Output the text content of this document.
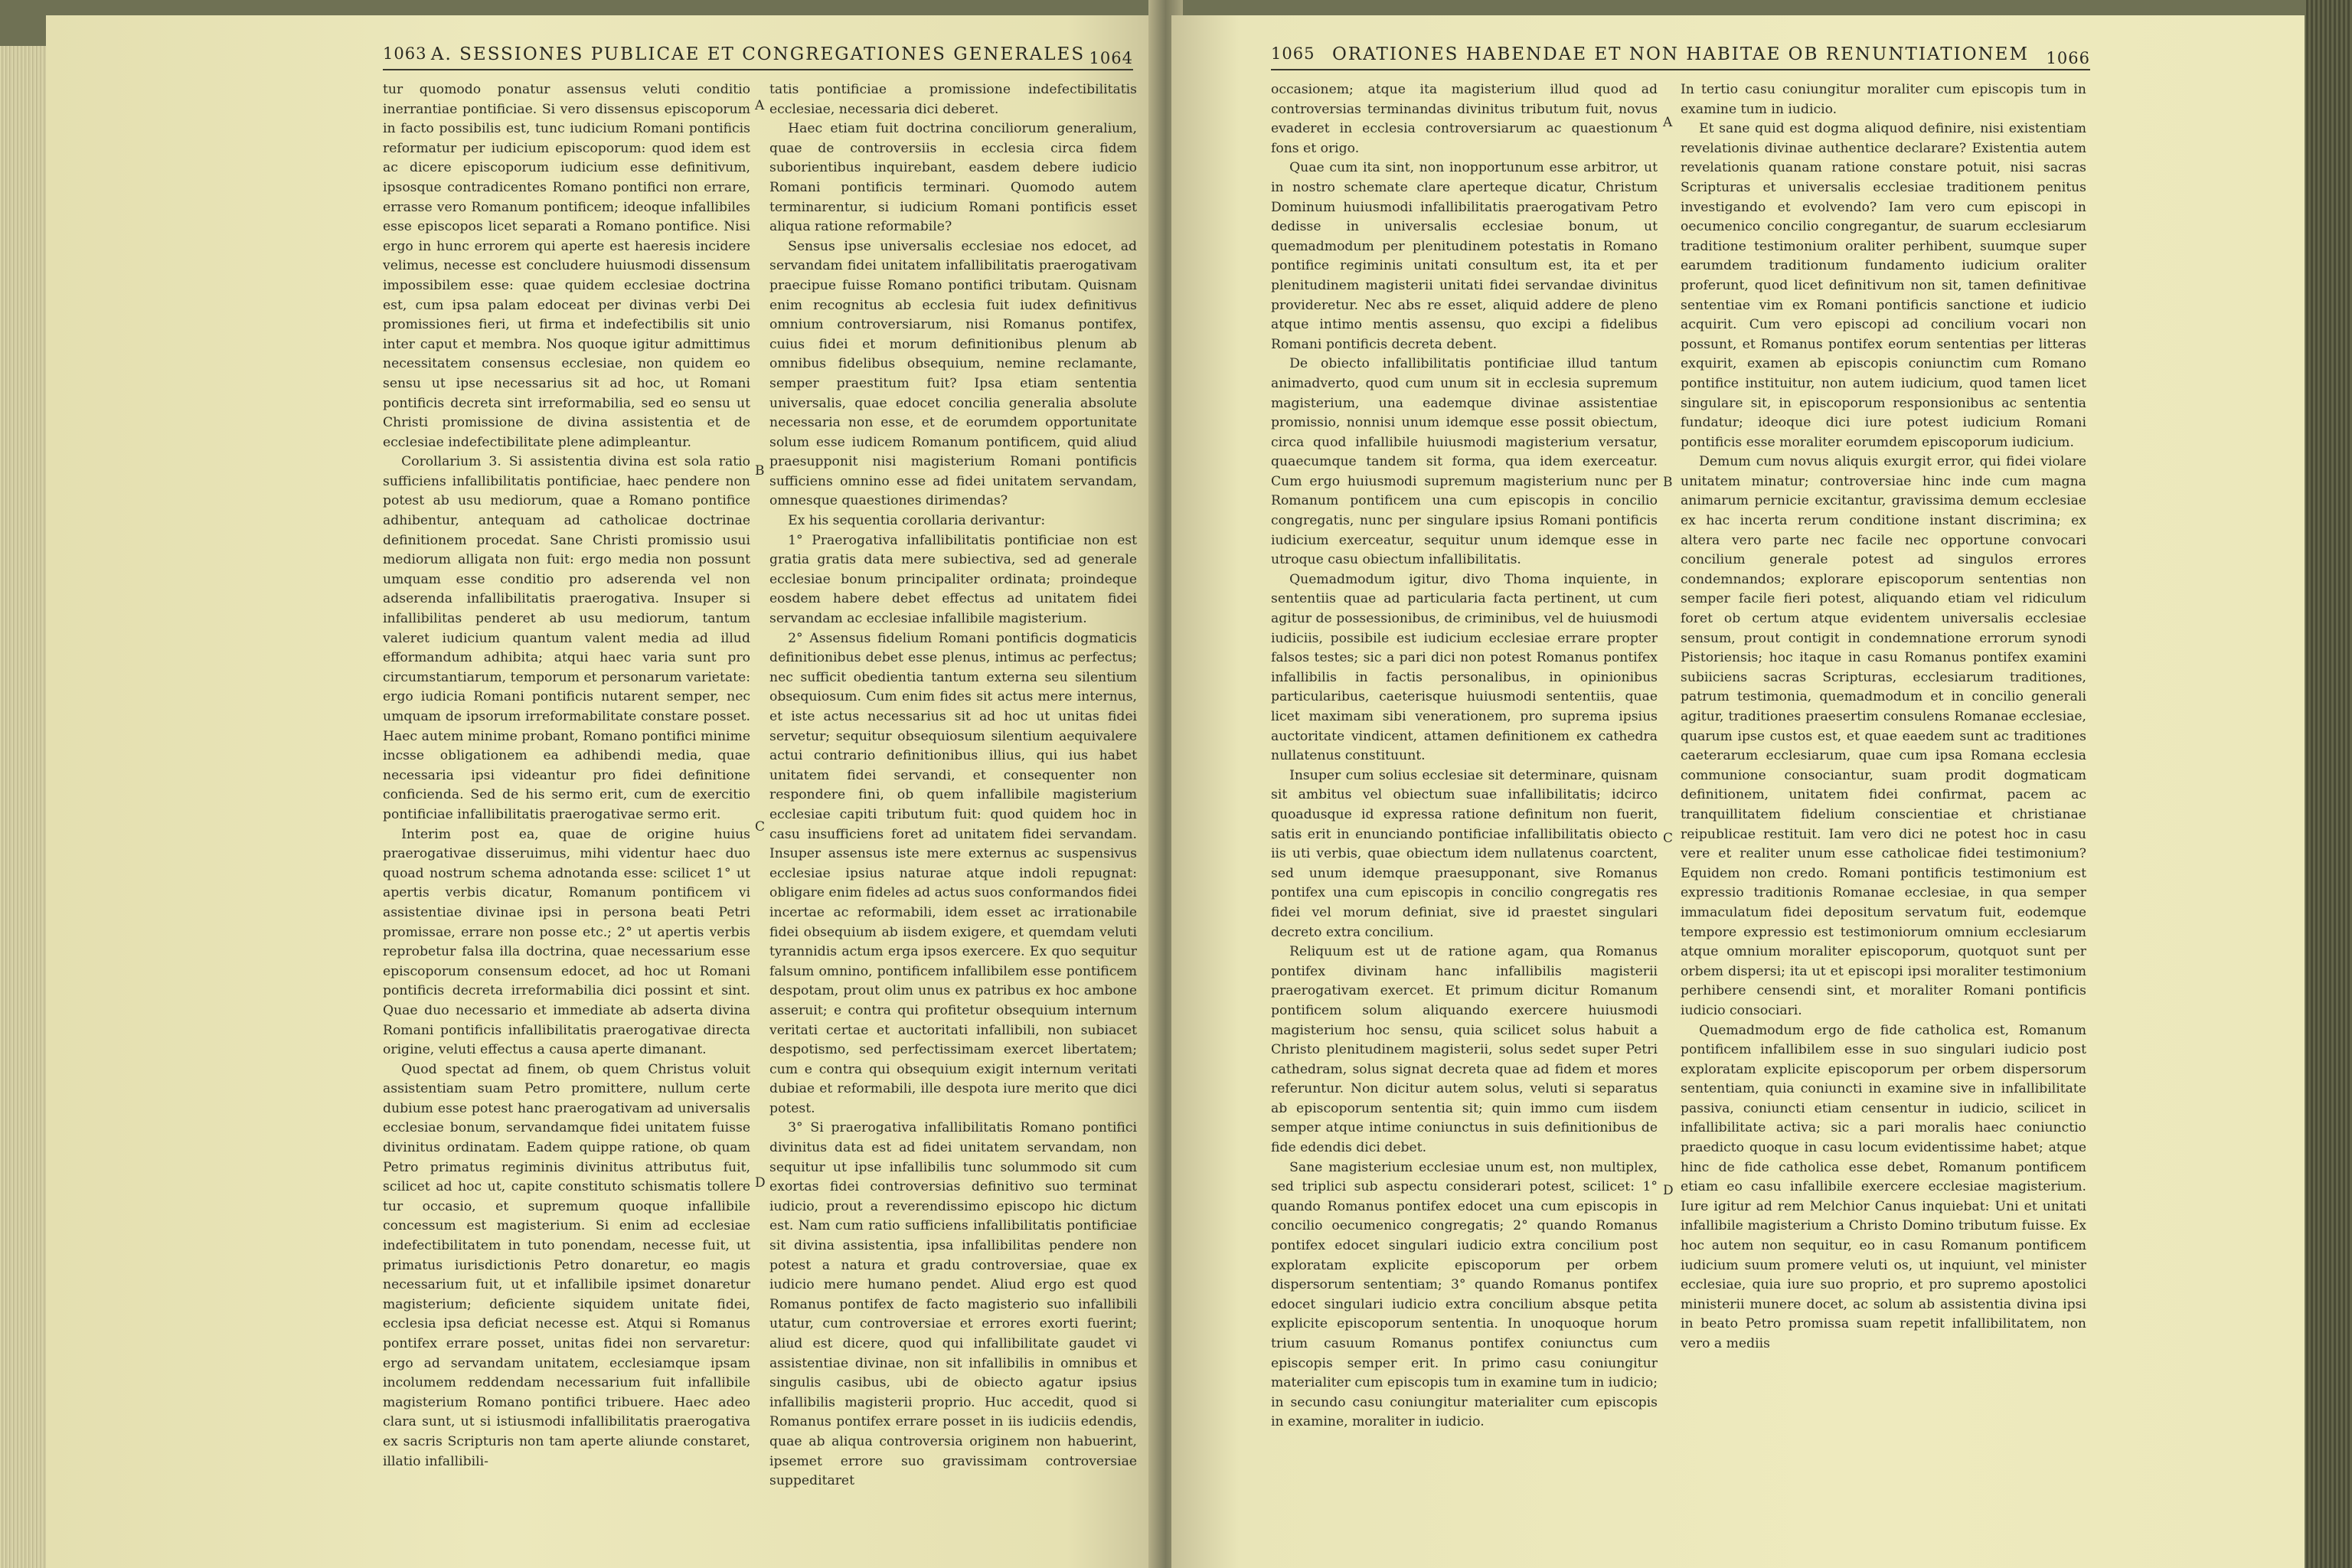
1063 A. SESSIONES PUBLICAE ET CONGREGATIONES GENERALES 1064

tur quomodo ponatur assensus veluti conditio inerrantiae pontificiae. Si vero dissensus episcoporum in facto possibilis est, tunc iudicium Romani pontificis reformatur per iudicium episcoporum: quod idem est ac dicere episcoporum iudicium esse definitivum, ipsosque contradicentes Romano pontifici non errare, errasse vero Romanum pontificem; ideoque infallibiles esse episcopos licet separati a Romano pontifice. Nisi ergo in hunc errorem qui aperte est haeresis incidere velimus, necesse est concludere huiusmodi dissensum impossibilem esse: quae quidem ecclesiae doctrina est, cum ipsa palam edoceat per divinas verbi Dei promissiones fieri, ut firma et indefectibilis sit unio inter caput et membra. Nos quoque igitur admittimus necessitatem consensus ecclesiae, non quidem eo sensu ut ipse necessarius sit ad hoc, ut Romani pontificis decreta sint irreformabilia, sed eo sensu ut Christi promissione de divina assistentia et de ecclesiae indefectibilitate plene adimpleantur.

Corollarium 3. Si assistentia divina est sola ratio sufficiens infallibilitatis pontificiae, haec pendere non potest ab usu mediorum, quae a Romano pontifice adhibentur, antequam ad catholicae doctrinae definitionem procedat. Sane Christi promissio usui mediorum alligata non fuit: ergo media non possunt umquam esse conditio pro adserenda vel non adserenda infallibilitatis praerogativa. Insuper si infallibilitas penderet ab usu mediorum, tantum valeret iudicium quantum valent media ad illud efformandum adhibita; atqui haec varia sunt pro circumstantiarum, temporum et personarum varietate: ergo iudicia Romani pontificis nutarent semper, nec umquam de ipsorum irreformabilitate constare posset. Haec autem minime probant, Romano pontifici minime incsse obligationem ea adhibendi media, quae necessaria ipsi videantur pro fidei definitione conficienda. Sed de his sermo erit, cum de exercitio pontificiae infallibilitatis praerogativae sermo erit.

Interim post ea, quae de origine huius praerogativae disseruimus, mihi videntur haec duo quoad nostrum schema adnotanda esse: scilicet 1° ut apertis verbis dicatur, Romanum pontificem vi assistentiae divinae ipsi in persona beati Petri promissae, errare non posse etc.; 2° ut apertis verbis reprobetur falsa illa doctrina, quae necessarium esse episcoporum consensum edocet, ad hoc ut Romani pontificis decreta irreformabilia dici possint et sint. Quae duo necessario et immediate ab adserta divina Romani pontificis infallibilitatis praerogativae directa origine, veluti effectus a causa aperte dimanant.

Quod spectat ad finem, ob quem Christus voluit assistentiam suam Petro promittere, nullum certe dubium esse potest hanc praerogativam ad universalis ecclesiae bonum, servandamque fidei unitatem fuisse divinitus ordinatam. Eadem quippe ratione, ob quam Petro primatus regiminis divinitus attributus fuit, scilicet ad hoc ut, capite constituto schismatis tollere tur occasio, et supremum quoque infallibile concessum est magisterium. Si enim ad ecclesiae indefectibilitatem in tuto ponendam, necesse fuit, ut primatus iurisdictionis Petro donaretur, eo magis necessarium fuit, ut et infallibile ipsimet donaretur magisterium; deficiente siquidem unitate fidei, ecclesia ipsa deficiat necesse est. Atqui si Romanus pontifex errare posset, unitas fidei non servaretur: ergo ad servandam unitatem, ecclesiamque ipsam incolumem reddendam necessarium fuit infallibile magisterium Romano pontifici tribuere. Haec adeo clara sunt, ut si istiusmodi infallibilitatis praerogativa ex sacris Scripturis non tam aperte aliunde constaret, illatio infallibili-

A
B
C
D

tatis pontificiae a promissione indefectibilitatis ecclesiae, necessaria dici deberet.

Haec etiam fuit doctrina conciliorum generalium, quae de controversiis in ecclesia circa fidem suborientibus inquirebant, easdem debere iudicio Romani pontificis terminari. Quomodo autem terminarentur, si iudicium Romani pontificis esset aliqua ratione reformabile?

Sensus ipse universalis ecclesiae nos edocet, ad servandam fidei unitatem infallibilitatis praerogativam praecipue fuisse Romano pontifici tributam. Quisnam enim recognitus ab ecclesia fuit iudex definitivus omnium controversiarum, nisi Romanus pontifex, cuius fidei et morum definitionibus plenum ab omnibus fidelibus obsequium, nemine reclamante, semper praestitum fuit? Ipsa etiam sententia universalis, quae edocet concilia generalia absolute necessaria non esse, et de eorumdem opportunitate solum esse iudicem Romanum pontificem, quid aliud praesupponit nisi magisterium Romani pontificis sufficiens omnino esse ad fidei unitatem servandam, omnesque quaestiones dirimendas?

Ex his sequentia corollaria derivantur:

1° Praerogativa infallibilitatis pontificiae non est gratia gratis data mere subiectiva, sed ad generale ecclesiae bonum principaliter ordinata; proindeque eosdem habere debet effectus ad unitatem fidei servandam ac ecclesiae infallibile magisterium.

2° Assensus fidelium Romani pontificis dogmaticis definitionibus debet esse plenus, intimus ac perfectus; nec sufficit obedientia tantum externa seu silentium obsequiosum. Cum enim fides sit actus mere internus, et iste actus necessarius sit ad hoc ut unitas fidei servetur; sequitur obsequiosum silentium aequivalere actui contrario definitionibus illius, qui ius habet unitatem fidei servandi, et consequenter non respondere fini, ob quem infallibile magisterium ecclesiae capiti tributum fuit: quod quidem hoc in casu insufficiens foret ad unitatem fidei servandam. Insuper assensus iste mere externus ac suspensivus ecclesiae ipsius naturae atque indoli repugnat: obligare enim fideles ad actus suos conformandos fidei incertae ac reformabili, idem esset ac irrationabile fidei obsequium ab iisdem exigere, et quemdam veluti tyrannidis actum erga ipsos exercere. Ex quo sequitur falsum omnino, pontificem infallibilem esse pontificem despotam, prout olim unus ex patribus ex hoc ambone asseruit; e contra qui profitetur obsequium internum veritati certae et auctoritati infallibili, non subiacet despotismo, sed perfectissimam exercet libertatem; cum e contra qui obsequium exigit internum veritati dubiae et reformabili, ille despota iure merito que dici potest.

3° Si praerogativa infallibilitatis Romano pontifici divinitus data est ad fidei unitatem servandam, non sequitur ut ipse infallibilis tunc solummodo sit cum exortas fidei controversias definitivo suo terminat iudicio, prout a reverendissimo episcopo hic dictum est. Nam cum ratio sufficiens infallibilitatis pontificiae sit divina assistentia, ipsa infallibilitas pendere non potest a natura et gradu controversiae, quae ex iudicio mere humano pendet. Aliud ergo est quod Romanus pontifex de facto magisterio suo infallibili utatur, cum controversiae et errores exorti fuerint; aliud est dicere, quod qui infallibilitate gaudet vi assistentiae divinae, non sit infallibilis in omnibus et singulis casibus, ubi de obiecto agatur ipsius infallibilis magisterii proprio. Huc accedit, quod si Romanus pontifex errare posset in iis iudiciis edendis, quae ab aliqua controversia originem non habuerint, ipsemet errore suo gravissimam controversiae suppeditaret

1065 ORATIONES HABENDAE ET NON HABITAE OB RENUNTIATIONEM	1066

occasionem; atque ita magisterium illud quod ad controversias terminandas divinitus tributum fuit, novus evaderet in ecclesia controversiarum ac quaestionum fons et origo.

Quae cum ita sint, non inopportunum esse arbitror, ut in nostro schemate clare aperteque dicatur, Christum Dominum huiusmodi infallibilitatis praerogativam Petro dedisse in universalis ecclesiae bonum, ut quemadmodum per plenitudinem potestatis in Romano pontifice regiminis unitati consultum est, ita et per plenitudinem magisterii unitati fidei servandae divinitus provideretur. Nec abs re esset, aliquid addere de pleno atque intimo mentis assensu, quo excipi a fidelibus Romani pontificis decreta debent.

De obiecto infallibilitatis pontificiae illud tantum animadverto, quod cum unum sit in ecclesia supremum magisterium, una eademque divinae assistentiae promissio, nonnisi unum idemque esse possit obiectum, circa quod infallibile huiusmodi magisterium versatur, quaecumque tandem sit forma, qua idem exerceatur. Cum ergo huiusmodi supremum magisterium nunc per Romanum pontificem una cum episcopis in concilio congregatis, nunc per singulare ipsius Romani pontificis iudicium exerceatur, sequitur unum idemque esse in utroque casu obiectum infallibilitatis.

Quemadmodum igitur, divo Thoma inquiente, in sententiis quae ad particularia facta pertinent, ut cum agitur de possessionibus, de criminibus, vel de huiusmodi iudiciis, possibile est iudicium ecclesiae errare propter falsos testes; sic a pari dici non potest Romanus pontifex infallibilis in factis personalibus, in opinionibus particularibus, caeterisque huiusmodi sententiis, quae licet maximam sibi venerationem, pro suprema ipsius auctoritate vindicent, attamen definitionem ex cathedra nullatenus constituunt.

Insuper cum solius ecclesiae sit determinare, quisnam sit ambitus vel obiectum suae infallibilitatis; idcirco quoadusque id expressa ratione definitum non fuerit, satis erit in enunciando pontificiae infallibilitatis obiecto iis uti verbis, quae obiectum idem nullatenus coarctent, sed unum idemque praesupponant, sive Romanus pontifex una cum episcopis in concilio congregatis res fidei vel morum definiat, sive id praestet singulari decreto extra concilium.

Reliquum est ut de ratione agam, qua Romanus pontifex divinam hanc infallibilis magisterii praerogativam exercet. Et primum dicitur Romanum pontificem solum aliquando exercere huiusmodi magisterium hoc sensu, quia scilicet solus habuit a Christo plenitudinem magisterii, solus sedet super Petri cathedram, solus signat decreta quae ad fidem et mores referuntur. Non dicitur autem solus, veluti si separatus ab episcoporum sententia sit; quin immo cum iisdem semper atque intime coniunctus in suis definitionibus de fide edendis dici debet.

Sane magisterium ecclesiae unum est, non multiplex, sed triplici sub aspectu considerari potest, scilicet: 1° quando Romanus pontifex edocet una cum episcopis in concilio oecumenico congregatis; 2° quando Romanus pontifex edocet singulari iudicio extra concilium post exploratam explicite episcoporum per orbem dispersorum sententiam; 3° quando Romanus pontifex edocet singulari iudicio extra concilium absque petita explicite episcoporum sententia. In unoquoque horum trium casuum Romanus pontifex coniunctus cum episcopis semper erit. In primo casu coniungitur materialiter cum episcopis tum in examine tum in iudicio; in secundo casu coniungitur materialiter cum episcopis in examine, moraliter in iudicio.

A
B
C
D

In tertio casu coniungitur moraliter cum episcopis tum in examine tum in iudicio.

Et sane quid est dogma aliquod definire, nisi existentiam revelationis divinae authentice declarare? Existentia autem revelationis quanam ratione constare potuit, nisi sacras Scripturas et universalis ecclesiae traditionem penitus investigando et evolvendo? Iam vero cum episcopi in oecumenico concilio congregantur, de suarum ecclesiarum traditione testimonium oraliter perhibent, suumque super earumdem traditionum fundamento iudicium oraliter proferunt, quod licet definitivum non sit, tamen definitivae sententiae vim ex Romani pontificis sanctione et iudicio acquirit. Cum vero episcopi ad concilium vocari non possunt, et Romanus pontifex eorum sententias per litteras exquirit, examen ab episcopis coniunctim cum Romano pontifice instituitur, non autem iudicium, quod tamen licet singulare sit, in episcoporum responsionibus ac sententia fundatur; ideoque dici iure potest iudicium Romani pontificis esse moraliter eorumdem episcoporum iudicium.

Demum cum novus aliquis exurgit error, qui fidei violare unitatem minatur; controversiae hinc inde cum magna animarum pernicie excitantur, gravissima demum ecclesiae ex hac incerta rerum conditione instant discrimina; ex altera vero parte nec facile nec opportune convocari concilium generale potest ad singulos errores condemnandos; explorare episcoporum sententias non semper facile fieri potest, aliquando etiam vel ridiculum foret ob certum atque evidentem universalis ecclesiae sensum, prout contigit in condemnatione errorum synodi Pistoriensis; hoc itaque in casu Romanus pontifex examini subiiciens sacras Scripturas, ecclesiarum traditiones, patrum testimonia, quemadmodum et in concilio generali agitur, traditiones praesertim consulens Romanae ecclesiae, quarum ipse custos est, et quae eaedem sunt ac traditiones caeterarum ecclesiarum, quae cum ipsa Romana ecclesia communione consociantur, suam prodit dogmaticam definitionem, unitatem fidei confirmat, pacem ac tranquillitatem fidelium conscientiae et christianae reipublicae restituit. Iam vero dici ne potest hoc in casu vere et realiter unum esse catholicae fidei testimonium? Equidem non credo. Romani pontificis testimonium est expressio traditionis Romanae ecclesiae, in qua semper immaculatum fidei depositum servatum fuit, eodemque tempore expressio est testimoniorum omnium ecclesiarum atque omnium moraliter episcoporum, quotquot sunt per orbem dispersi; ita ut et episcopi ipsi moraliter testimonium perhibere censendi sint, et moraliter Romani pontificis iudicio consociari.

Quemadmodum ergo de fide catholica est, Romanum pontificem infallibilem esse in suo singulari iudicio post exploratam explicite episcoporum per orbem dispersorum sententiam, quia coniuncti in examine sive in infallibilitate passiva, coniuncti etiam censentur in iudicio, scilicet in infallibilitate activa; sic a pari moralis haec coniunctio praedicto quoque in casu locum evidentissime habet; atque hinc de fide catholica esse debet, Romanum pontificem etiam eo casu infallibile exercere ecclesiae magisterium. Iure igitur ad rem Melchior Canus inquiebat: Uni et unitati infallibile magisterium a Christo Domino tributum fuisse. Ex hoc autem non sequitur, eo in casu Romanum pontificem iudicium suum promere veluti os, ut inquiunt, vel minister ecclesiae, quia iure suo proprio, et pro supremo apostolici ministerii munere docet, ac solum ab assistentia divina ipsi in beato Petro promissa suam repetit infallibilitatem, non vero a mediis
